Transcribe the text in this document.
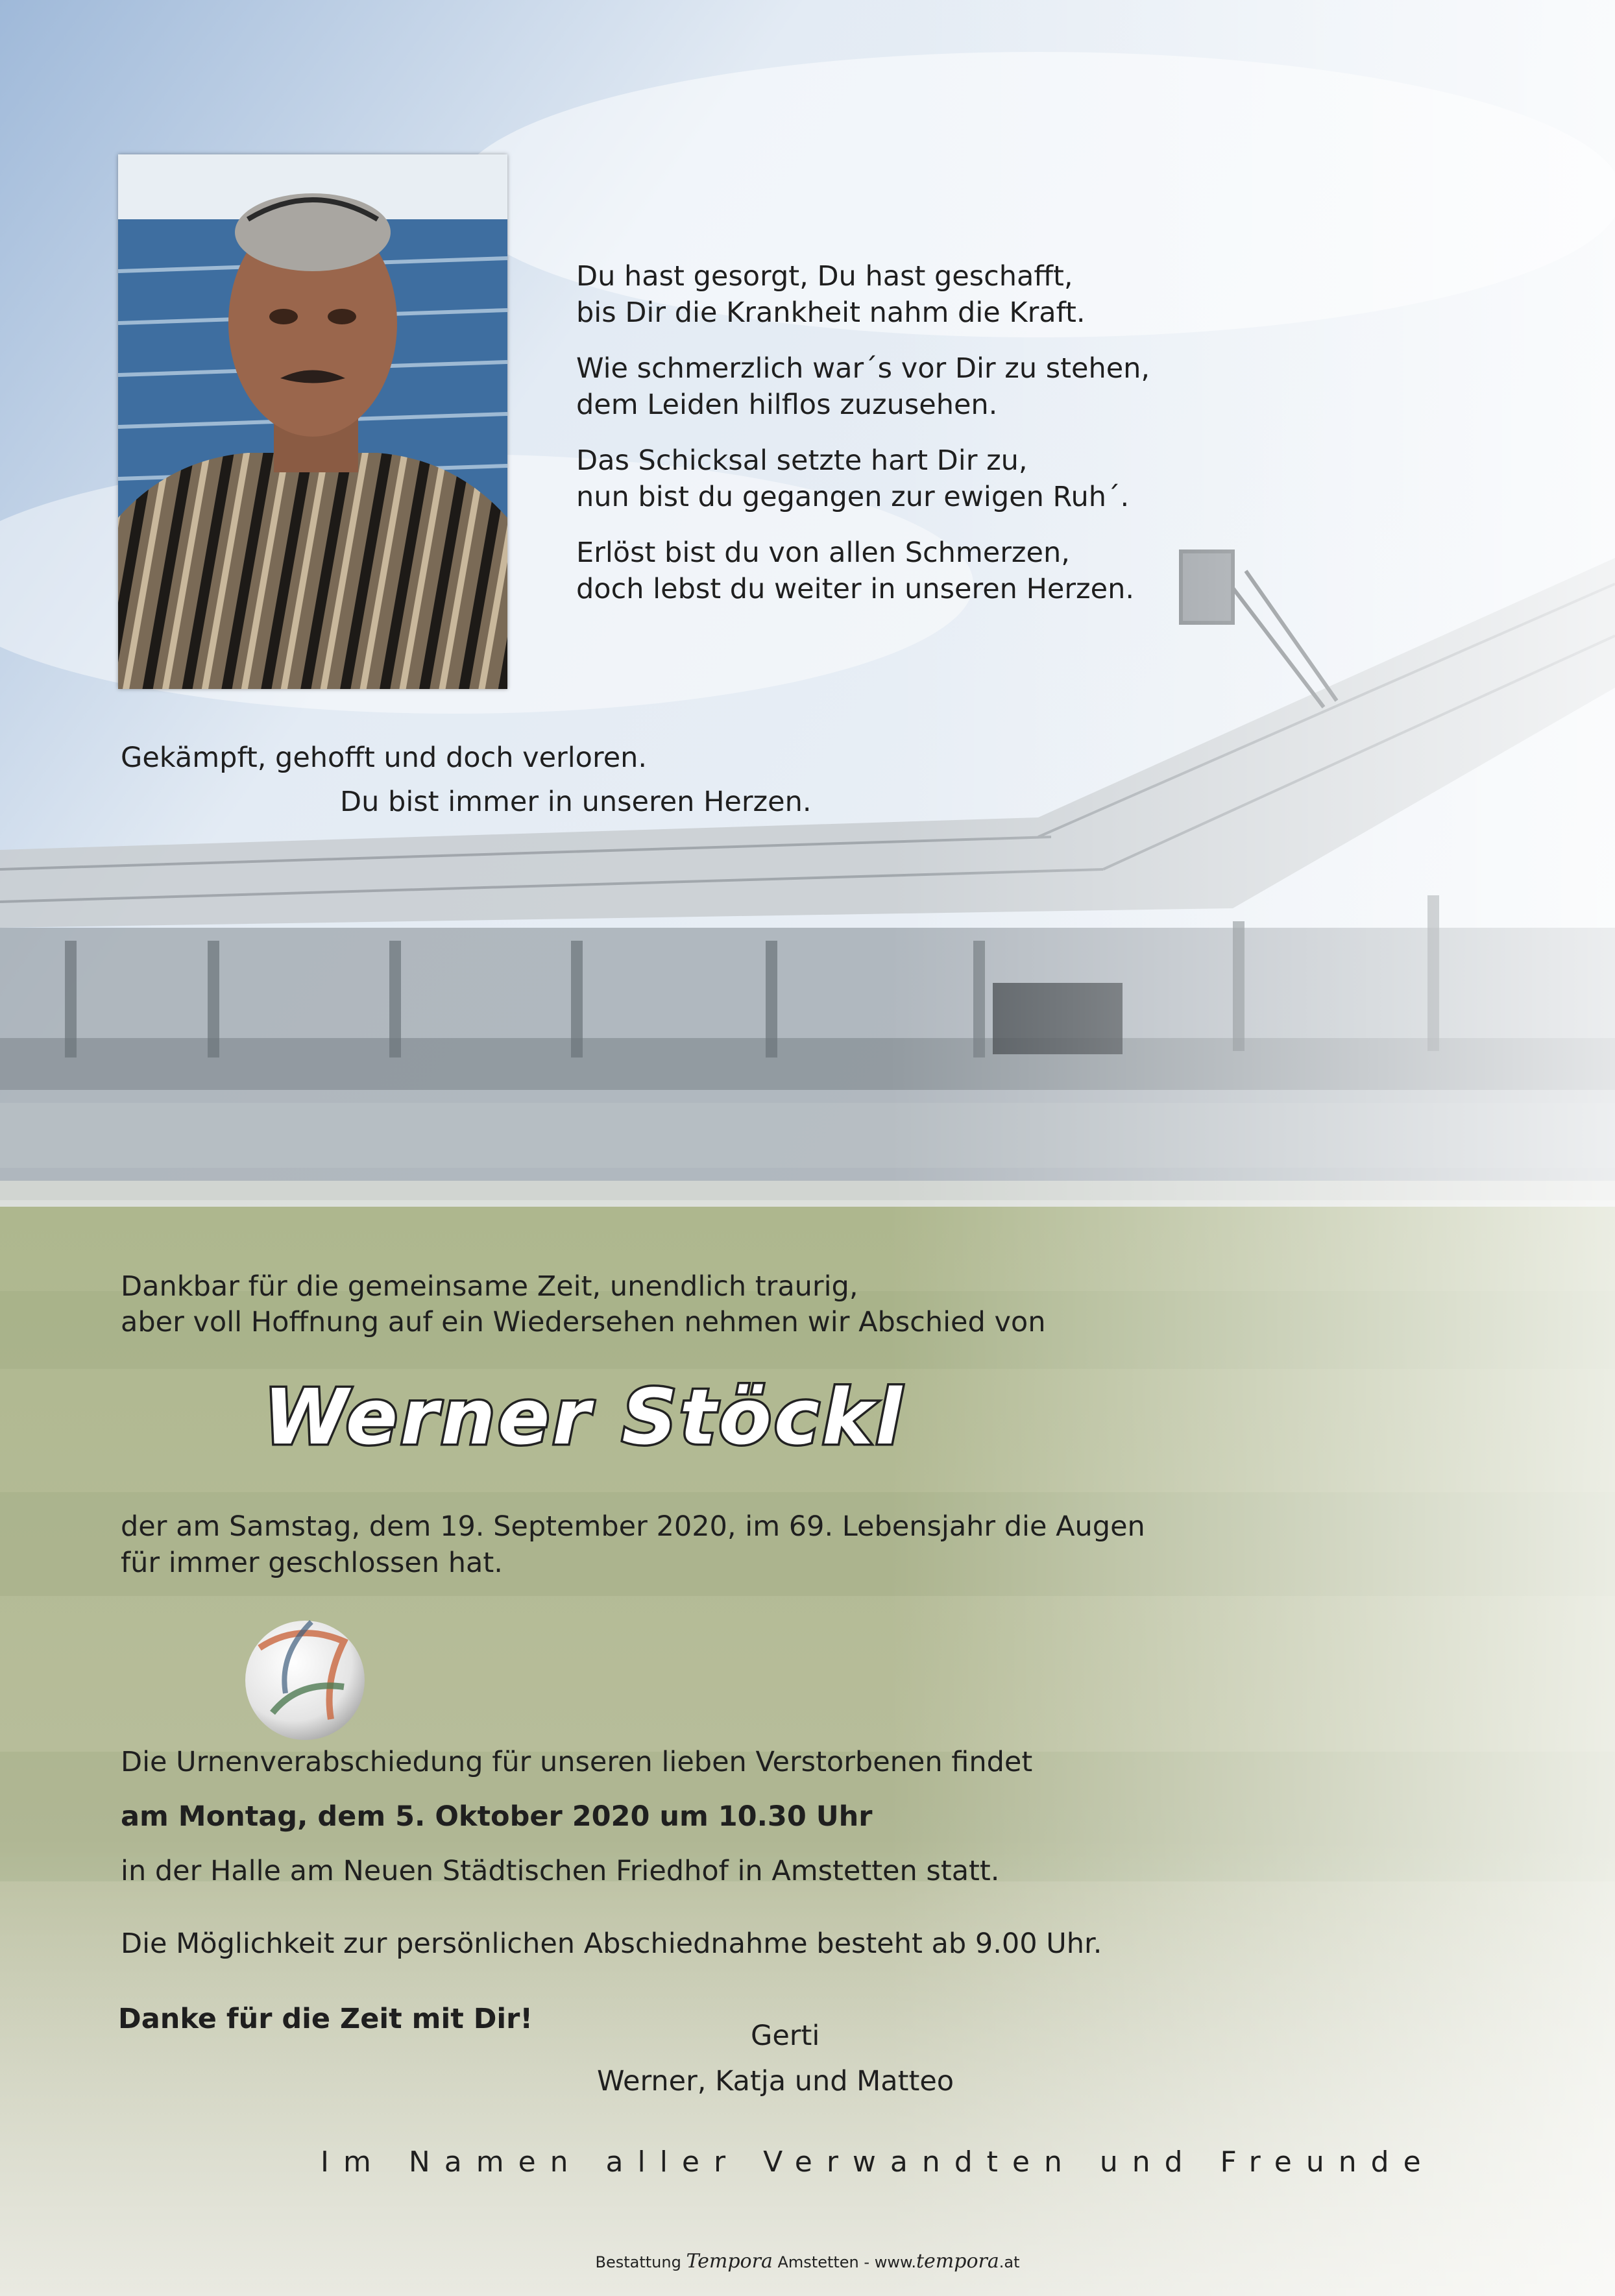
Du hast gesorgt, Du hast geschafft,
bis Dir die Krankheit nahm die Kraft.

Wie schmerzlich war´s vor Dir zu stehen,
dem Leiden hilflos zuzusehen.

Das Schicksal setzte hart Dir zu,
nun bist du gegangen zur ewigen Ruh´.

Erlöst bist du von allen Schmerzen,
doch lebst du weiter in unseren Herzen.

Gekämpft, gehofft und doch verloren.
Du bist immer in unseren Herzen.
Dankbar für die gemeinsame Zeit, unendlich traurig,
aber voll Hoffnung auf ein Wiedersehen nehmen wir Abschied von
Werner Stöckl
der am Samstag, dem 19. September 2020, im 69. Lebensjahr die Augen
für immer geschlossen hat.
Die Urnenverabschiedung für unseren lieben Verstorbenen findet
am Montag, dem 5. Oktober 2020 um 10.30 Uhr
in der Halle am Neuen Städtischen Friedhof in Amstetten statt.
Die Möglichkeit zur persönlichen Abschiednahme besteht ab 9.00 Uhr.
Danke für die Zeit mit Dir!
Gerti
Werner, Katja und Matteo
Im Namen aller Verwandten und Freunde
Bestattung Tempora Amstetten - www.tempora.at
